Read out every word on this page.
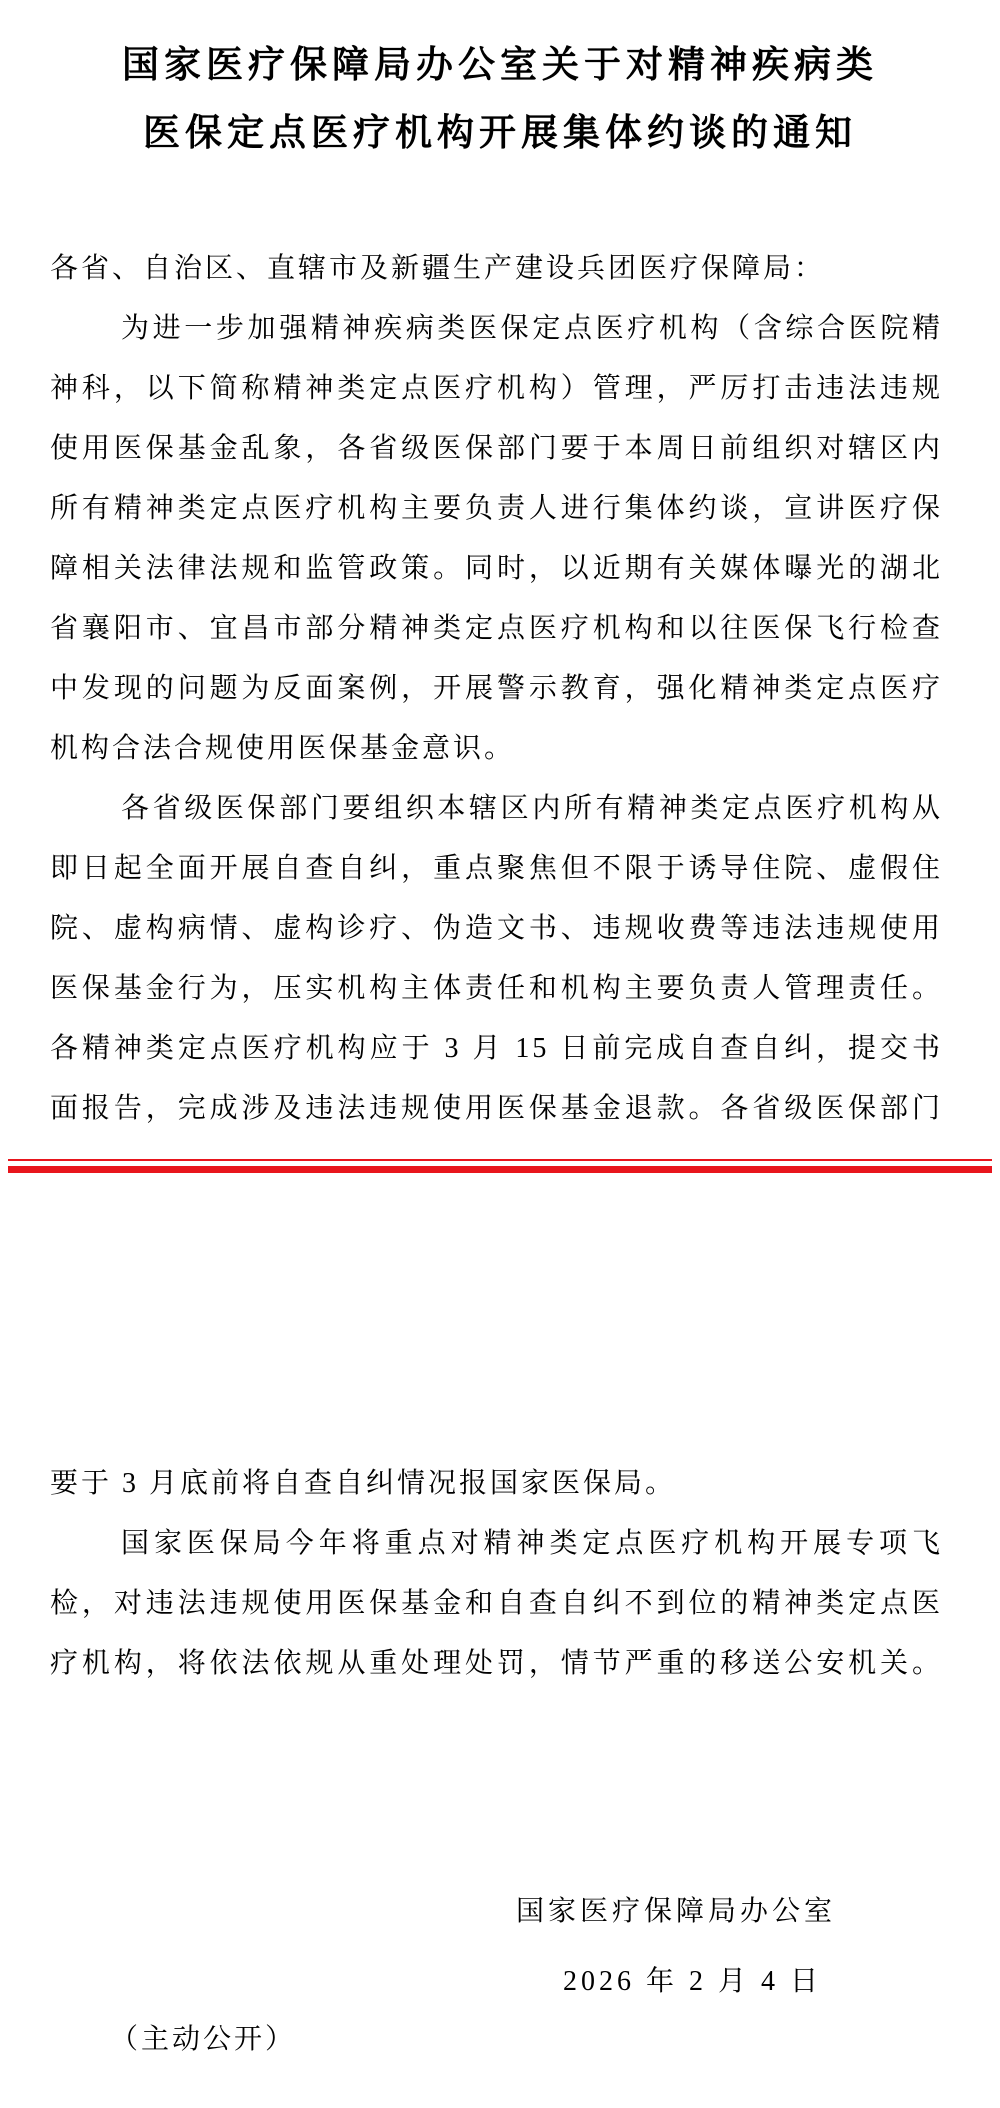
国家医疗保障局办公室关于对精神疾病类
医保定点医疗机构开展集体约谈的通知
各省、自治区、直辖市及新疆生产建设兵团医疗保障局：
为进一步加强精神疾病类医保定点医疗机构（含综合医院精
神科，以下简称精神类定点医疗机构）管理，严厉打击违法违规
使用医保基金乱象，各省级医保部门要于本周日前组织对辖区内
所有精神类定点医疗机构主要负责人进行集体约谈，宣讲医疗保
障相关法律法规和监管政策。同时，以近期有关媒体曝光的湖北
省襄阳市、宜昌市部分精神类定点医疗机构和以往医保飞行检查
中发现的问题为反面案例，开展警示教育，强化精神类定点医疗
机构合法合规使用医保基金意识。
各省级医保部门要组织本辖区内所有精神类定点医疗机构从
即日起全面开展自查自纠，重点聚焦但不限于诱导住院、虚假住
院、虚构病情、虚构诊疗、伪造文书、违规收费等违法违规使用
医保基金行为，压实机构主体责任和机构主要负责人管理责任。
各精神类定点医疗机构应于 3 月 15 日前完成自查自纠，提交书
面报告，完成涉及违法违规使用医保基金退款。各省级医保部门
要于 3 月底前将自查自纠情况报国家医保局。
国家医保局今年将重点对精神类定点医疗机构开展专项飞
检，对违法违规使用医保基金和自查自纠不到位的精神类定点医
疗机构，将依法依规从重处理处罚，情节严重的移送公安机关。
国家医疗保障局办公室
2026 年 2 月 4 日
（主动公开）
